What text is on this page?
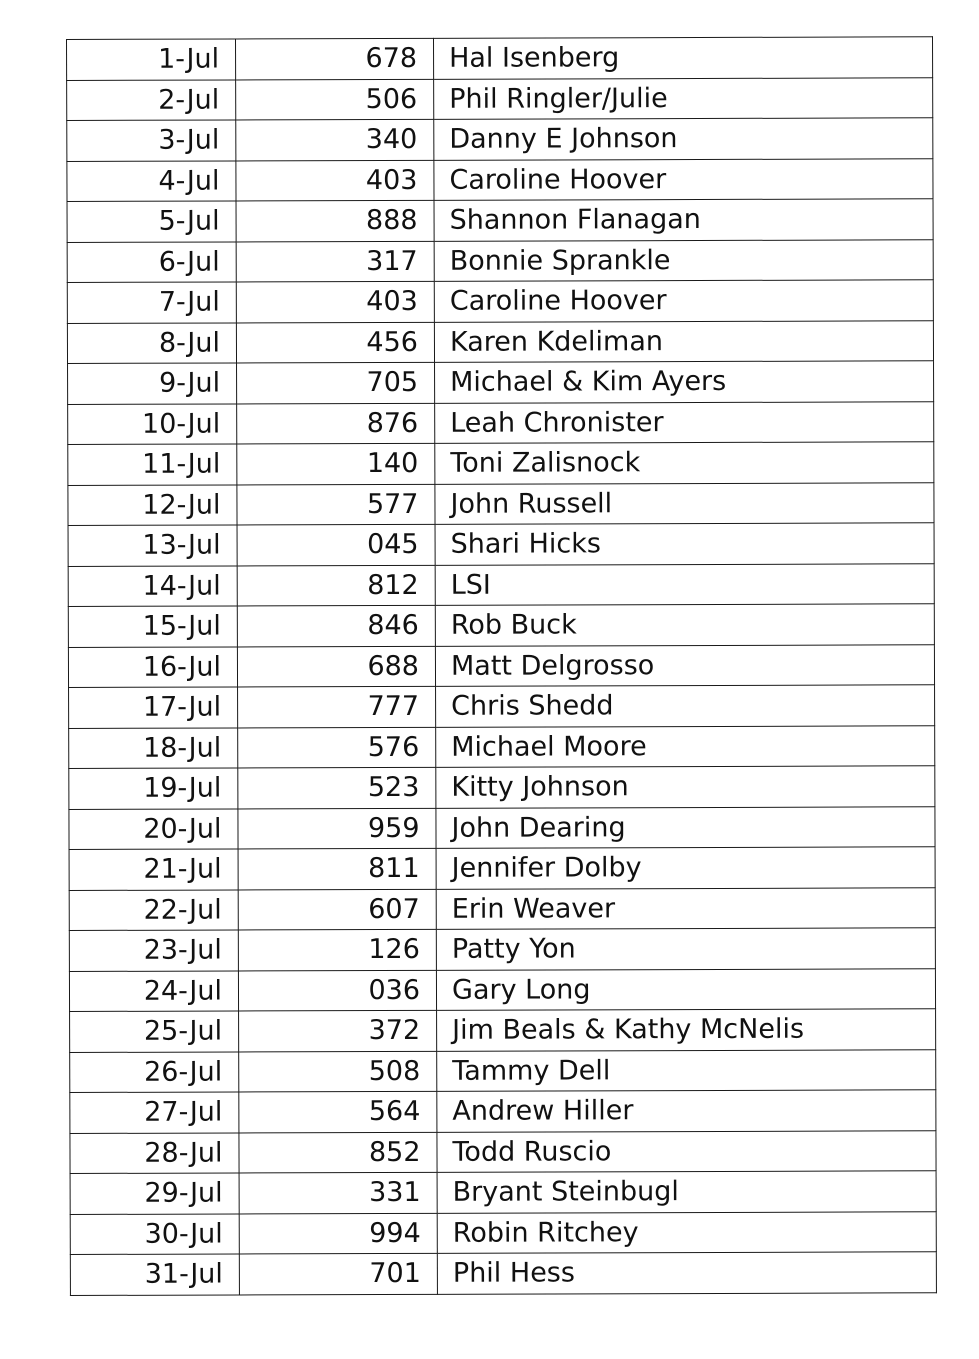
1-Jul	678	Hal Isenberg
2-Jul	506	Phil Ringler/Julie
3-Jul	340	Danny E Johnson
4-Jul	403	Caroline Hoover
5-Jul	888	Shannon Flanagan
6-Jul	317	Bonnie Sprankle
7-Jul	403	Caroline Hoover
8-Jul	456	Karen Kdeliman
9-Jul	705	Michael & Kim Ayers
10-Jul	876	Leah Chronister
11-Jul	140	Toni Zalisnock
12-Jul	577	John Russell
13-Jul	045	Shari Hicks
14-Jul	812	LSI
15-Jul	846	Rob Buck
16-Jul	688	Matt Delgrosso
17-Jul	777	Chris Shedd
18-Jul	576	Michael Moore
19-Jul	523	Kitty Johnson
20-Jul	959	John Dearing
21-Jul	811	Jennifer Dolby
22-Jul	607	Erin Weaver
23-Jul	126	Patty Yon
24-Jul	036	Gary Long
25-Jul	372	Jim Beals & Kathy McNelis
26-Jul	508	Tammy Dell
27-Jul	564	Andrew Hiller
28-Jul	852	Todd Ruscio
29-Jul	331	Bryant Steinbugl
30-Jul	994	Robin Ritchey
31-Jul	701	Phil Hess
